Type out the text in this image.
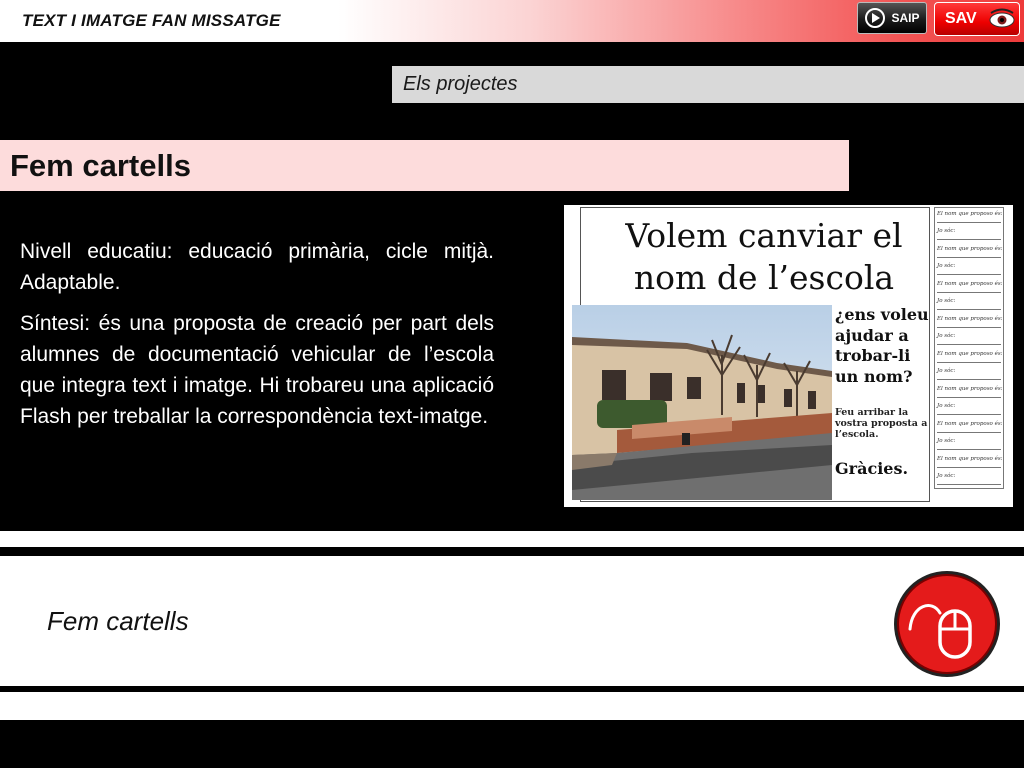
TEXT I IMATGE FAN MISSATGE	SAIP SAV
Els projectes
Fem cartells

Nivell educatiu: educació primària, cicle mitjà. Adaptable.

Síntesi: és una proposta de creació per part dels alumnes de documentació vehicular de l’escola que integra text i imatge. Hi trobareu una aplicació Flash per treballar la correspondència text-imatge.

Volem canviar el nom de l’escola
¿ens voleu ajudar a trobar-li un nom?
Feu arribar la vostra proposta a l’escola.
Gràcies.
El nom que proposo és:
Jo sóc:
El nom que proposo és:
Jo sóc:
El nom que proposo és:
Jo sóc:
El nom que proposo és:
Jo sóc:
El nom que proposo és:
Jo sóc:
El nom que proposo és:
Jo sóc:
El nom que proposo és:
Jo sóc:
El nom que proposo és:
Jo sóc:
Fem cartells
